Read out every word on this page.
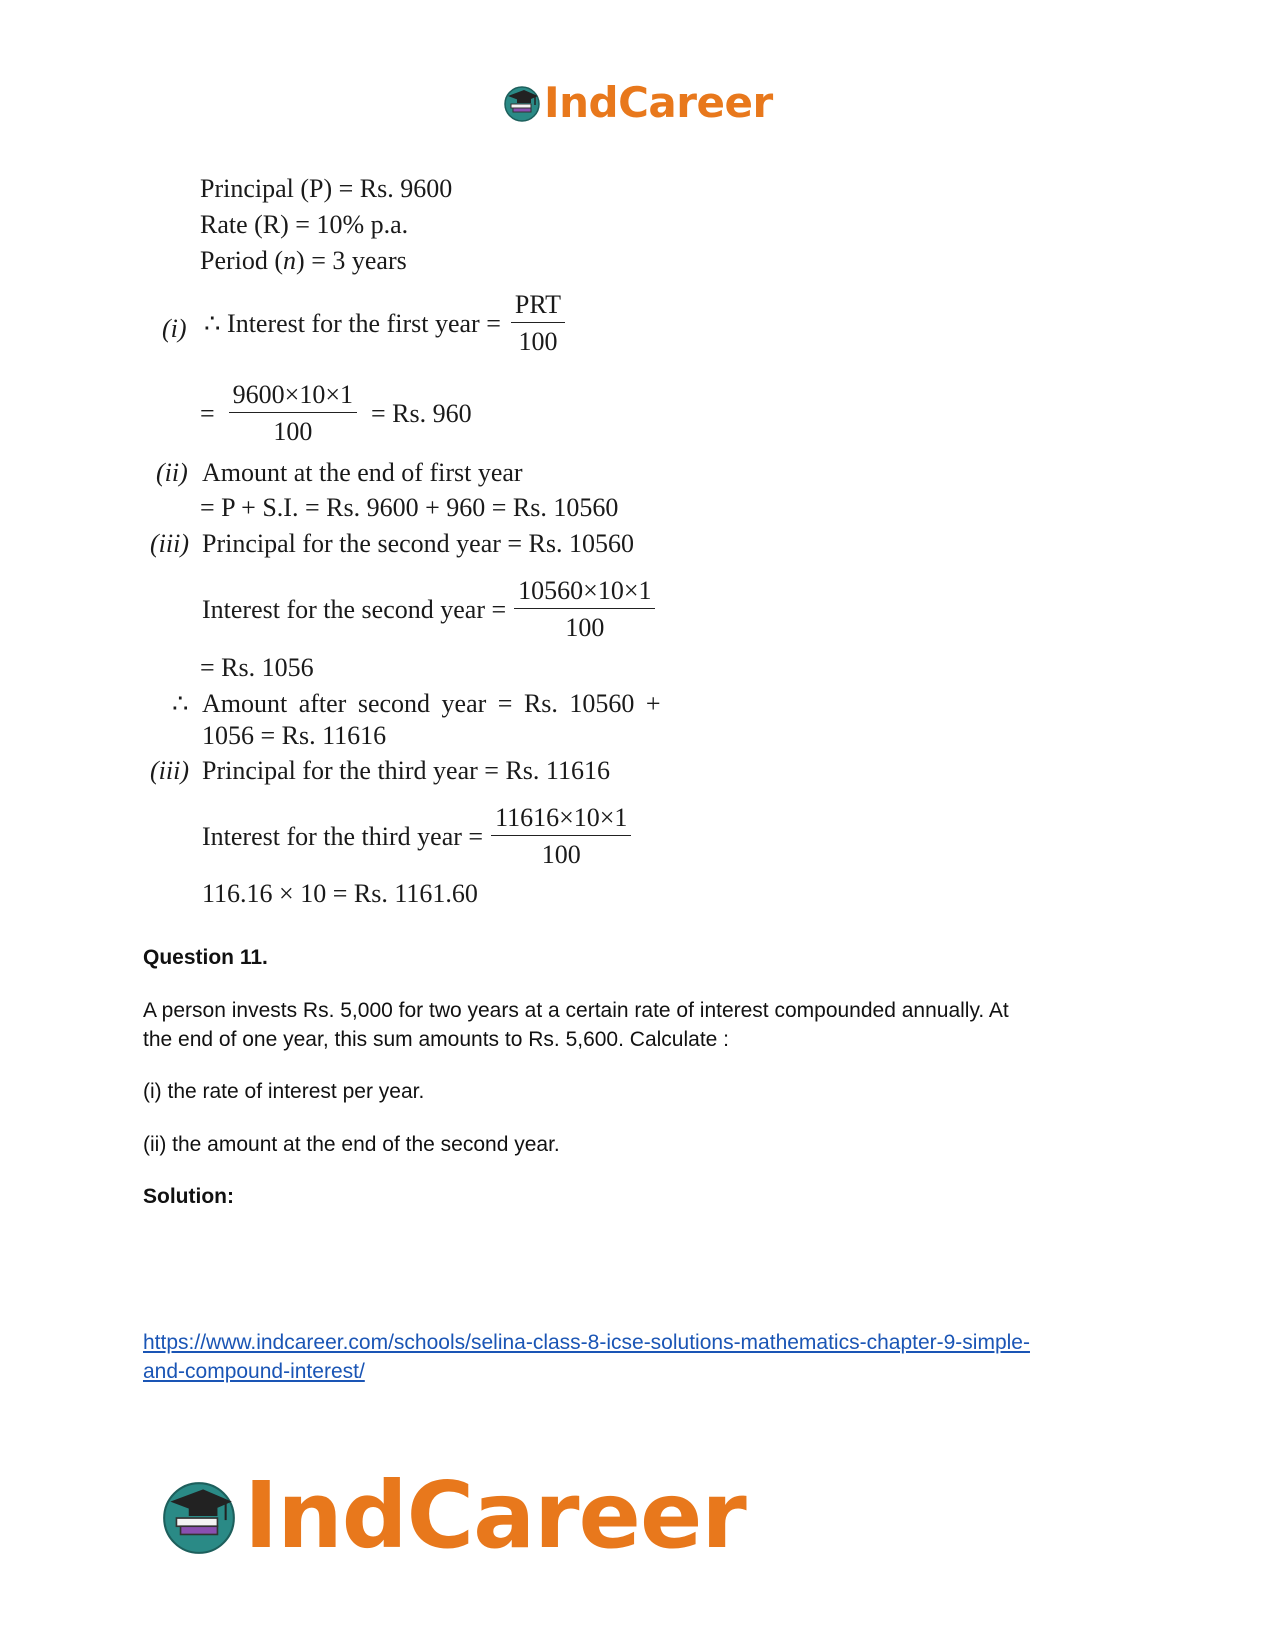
IndCareer
Principal (P) = Rs. 9600
Rate (R) = 10% p.a.
Period (n) = 3 years
(i) ∴ Interest for the first year = $\frac{\text{PRT}}{100}$
= $\frac{9600\times 10\times 1}{100} = Rs$. 960
(ii) Amount at the end of first year
= P + S.I. = Rs. 9600 + 960 = Rs. 10560
(iii) Principal for the second year = Rs. 10560
Interest for the second year = $\frac{10560\times 10\times 1}{100}$
= Rs. 1056
∴ Amount after second year = Rs. 10560 +
1056 = Rs. 11616
(iii) Principal for the third year = Rs. 11616
Interest for the third year = $\frac{11616\times 10\times 1}{100}$
116.16 × 10 = Rs. 1161.60
Question 11.
A person invests Rs. 5,000 for two years at a certain rate of interest compounded annually. At
the end of one year, this sum amounts to Rs. 5,600. Calculate :
(i) the rate of interest per year.
(ii) the amount at the end of the second year.
Solution:
https://www.indcareer.com/schools/selina-class-8-icse-solutions-mathematics-chapter-9-simple-
and-compound-interest/
IndCareer
